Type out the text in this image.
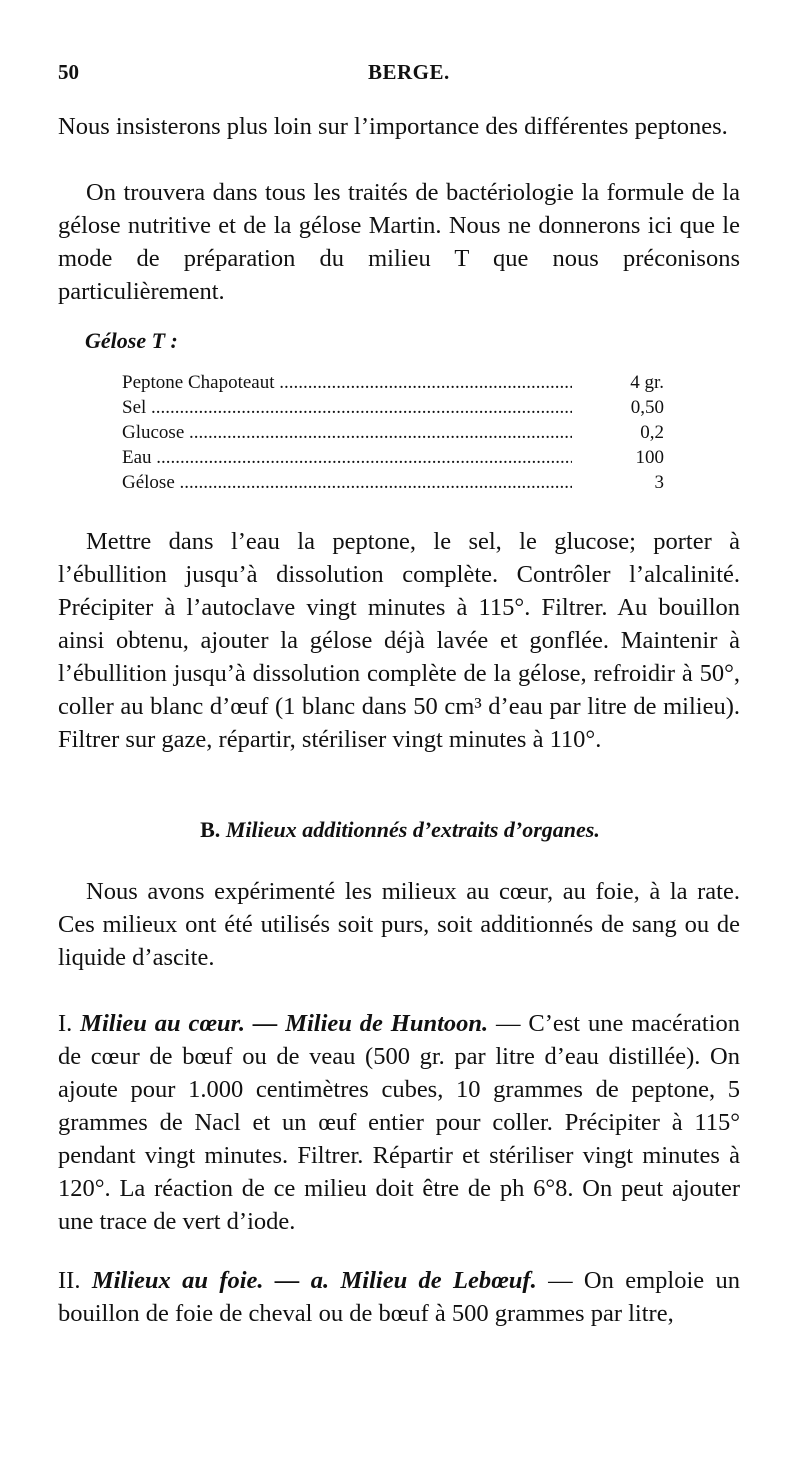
50	BERGE.

Nous insisterons plus loin sur l’importance des différentes peptones.

On trouvera dans tous les traités de bactériologie la formule de la gélose nutritive et de la gélose Martin. Nous ne donnerons ici que le mode de préparation du milieu T que nous préconisons particulièrement.

Gélose T :
Peptone Chapoteaut .....	4 gr.
Sel .....	0,50
Glucose .....	0,2
Eau .....	100
Gélose .....	3

Mettre dans l’eau la peptone, le sel, le glucose; porter à l’ébullition jusqu’à dissolution complète. Contrôler l’alcalinité. Précipiter à l’autoclave vingt minutes à 115°. Filtrer. Au bouillon ainsi obtenu, ajouter la gélose déjà lavée et gonflée. Maintenir à l’ébullition jusqu’à dissolution complète de la gélose, refroidir à 50°, coller au blanc d’œuf (1 blanc dans 50 cm³ d’eau par litre de milieu). Filtrer sur gaze, répartir, stériliser vingt minutes à 110°.

B. Milieux additionnés d’extraits d’organes.

Nous avons expérimenté les milieux au cœur, au foie, à la rate. Ces milieux ont été utilisés soit purs, soit additionnés de sang ou de liquide d’ascite.

I. Milieu au cœur. — Milieu de Huntoon. — C’est une macération de cœur de bœuf ou de veau (500 gr. par litre d’eau distillée). On ajoute pour 1.000 centimètres cubes, 10 grammes de peptone, 5 grammes de Nacl et un œuf entier pour coller. Précipiter à 115° pendant vingt minutes. Filtrer. Répartir et stériliser vingt minutes à 120°. La réaction de ce milieu doit être de ph 6°8. On peut ajouter une trace de vert d’iode.

II. Milieux au foie. — a. Milieu de Lebœuf. — On emploie un bouillon de foie de cheval ou de bœuf à 500 grammes par litre,
